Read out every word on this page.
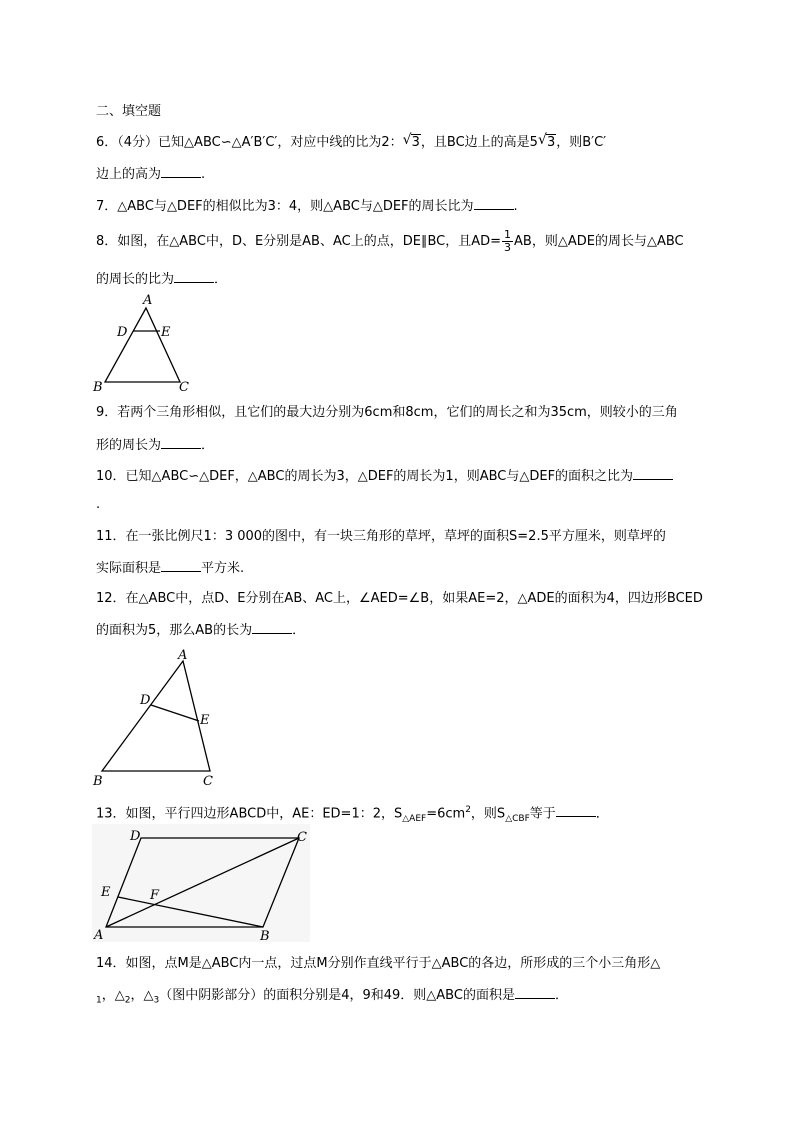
二、填空题
6．（4分）已知△ABC∽△A′B′C′，对应中线的比为2： √ 3，且BC边上的高是5 √ 3，则B′C′
边上的高为	.
7．△ABC与△DEF的相似比为3：4，则△ABC与△DEF的周长比为	.
8．如图，在△ABC中，D、E分别是AB、AC上的点，DE∥BC，且$AD= \frac{1}{3}$ AB，则△ADE的周长与△ABC
的周长的比为	．
A
D	E
B	C
9．若两个三角形相似，且它们的最大边分别为6cm和8cm，它们的周长之和为35cm，则较小的三角
形的周长为	．
10．已知△ABC∽△DEF，△ABC的周长为3，△DEF的周长为1，则ABC与△DEF的面积之比为
.
11．在一张比例尺1：3 000的图中，有一块三角形的草坪，草坪的面积S=2.5平方厘米，则草坪的
实际面积是	平方米.
12．在△ABC中，点D、E分别在AB、AC上，∠AED=∠B，如果AE=2，△ADE的面积为4，四边形BCED
的面积为5，那么AB的长为	．
A
D
E
B	C
13．如图，平行四边形ABCD中，AE：ED=1：2，$S_{\triangle AEF}=6cm^2$，则$S_{\triangle CBF}$等于	．
D	C
E	F
A	B
14．如图，点M是△ABC内一点，过点M分别作直线平行于△ABC的各边，所形成的三个小三角形△
$_1$，$\triangle_2$，$\triangle_3$（图中阴影部分）的面积分别是4，9和49．则△ABC的面积是	．
